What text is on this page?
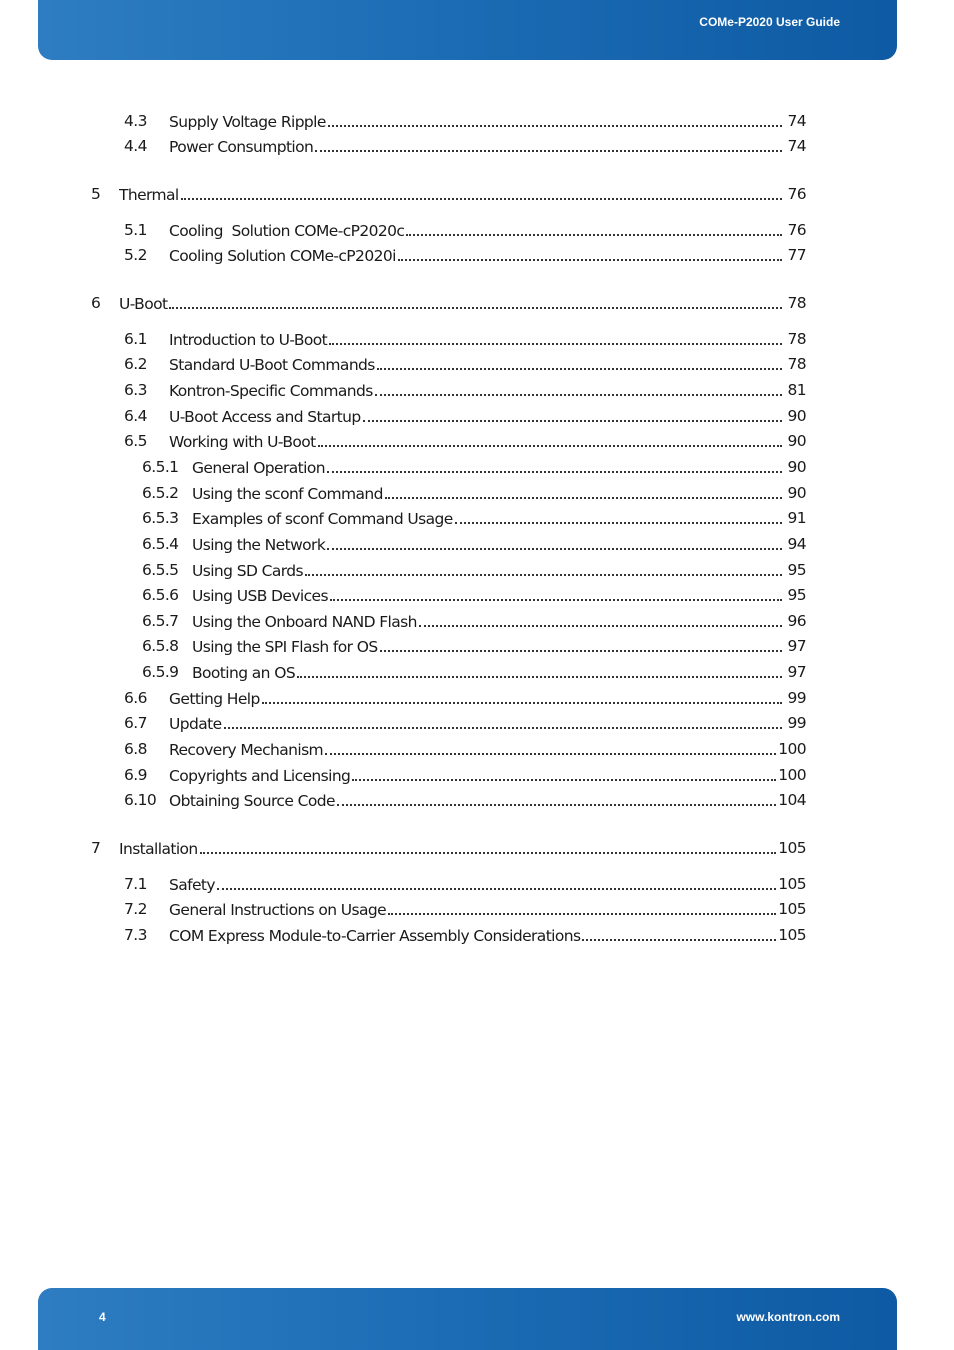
COMe-P2020 User Guide
4.3 Supply Voltage Ripple	74
4.4 Power Consumption	74
5 Thermal	76
5.1 Cooling  Solution COMe-cP2020c	76
5.2 Cooling Solution COMe-cP2020i	77
6 U-Boot	78
6.1 Introduction to U-Boot	78
6.2 Standard U-Boot Commands	78
6.3 Kontron-Specific Commands	81
6.4 U-Boot Access and Startup	90
6.5 Working with U-Boot	90
6.5.1 General Operation	90
6.5.2 Using the sconf Command	90
6.5.3 Examples of sconf Command Usage	91
6.5.4 Using the Network	94
6.5.5 Using SD Cards	95
6.5.6 Using USB Devices	95
6.5.7 Using the Onboard NAND Flash	96
6.5.8 Using the SPI Flash for OS	97
6.5.9 Booting an OS	97
6.6 Getting Help	99
6.7 Update	99
6.8 Recovery Mechanism	100
6.9 Copyrights and Licensing	100
6.10 Obtaining Source Code	104
7 Installation	105
7.1 Safety	105
7.2 General Instructions on Usage	105
7.3 COM Express Module-to-Carrier Assembly Considerations	105
4	www.kontron.com
